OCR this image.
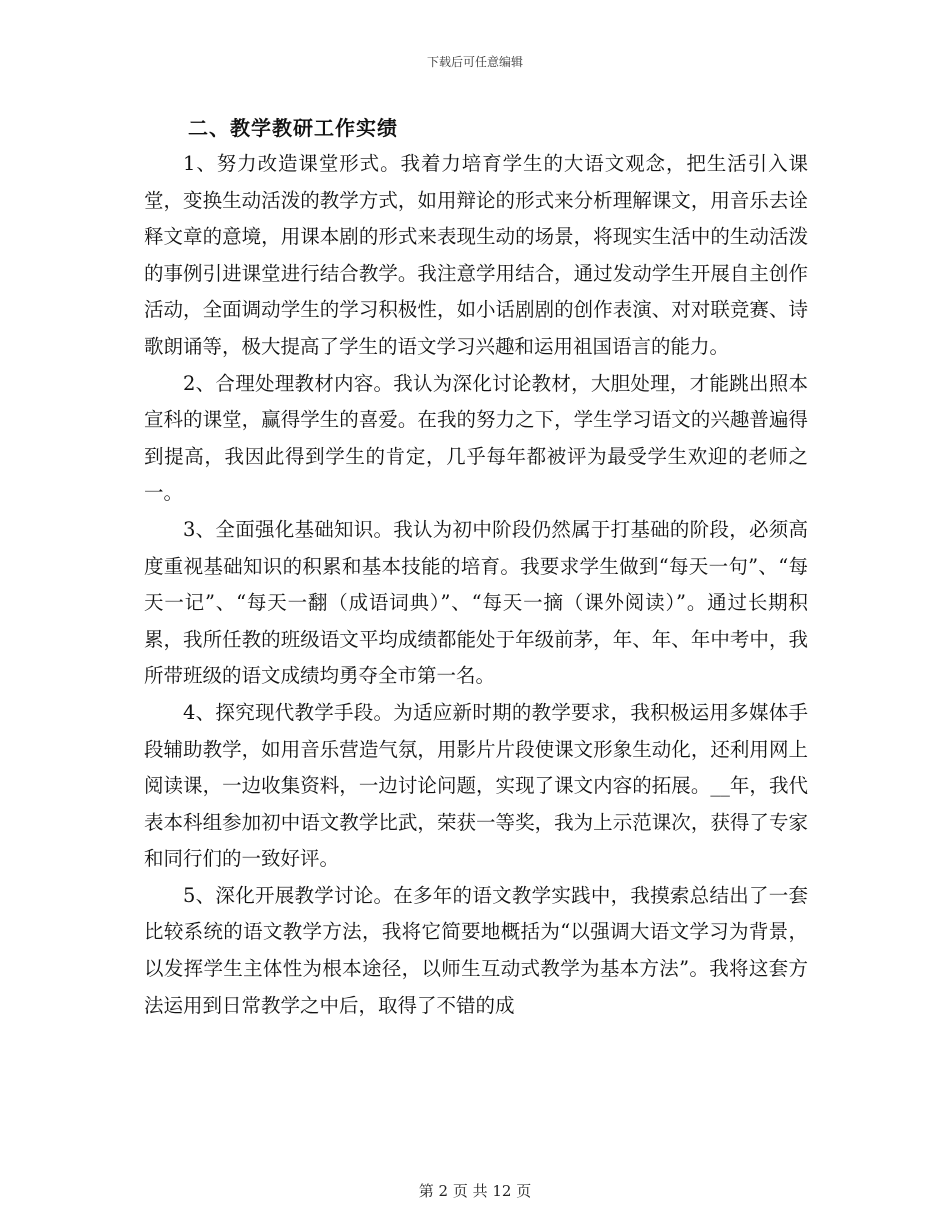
下载后可任意编辑
二、教学教研工作实绩

1、努力改造课堂形式。我着力培育学生的大语文观念，把生活引入课堂，变换生动活泼的教学方式，如用辩论的形式来分析理解课文，用音乐去诠释文章的意境，用课本剧的形式来表现生动的场景，将现实生活中的生动活泼的事例引进课堂进行结合教学。我注意学用结合，通过发动学生开展自主创作活动，全面调动学生的学习积极性，如小话剧剧的创作表演、对对联竞赛、诗歌朗诵等，极大提高了学生的语文学习兴趣和运用祖国语言的能力。

2、合理处理教材内容。我认为深化讨论教材，大胆处理，才能跳出照本宣科的课堂，赢得学生的喜爱。在我的努力之下，学生学习语文的兴趣普遍得到提高，我因此得到学生的肯定，几乎每年都被评为最受学生欢迎的老师之一。

3、全面强化基础知识。我认为初中阶段仍然属于打基础的阶段，必须高度重视基础知识的积累和基本技能的培育。我要求学生做到“每天一句”、“每天一记”、“每天一翻（成语词典）”、“每天一摘（课外阅读）”。通过长期积累，我所任教的班级语文平均成绩都能处于年级前茅，年、年、年中考中，我所带班级的语文成绩均勇夺全市第一名。

4、探究现代教学手段。为适应新时期的教学要求，我积极运用多媒体手段辅助教学，如用音乐营造气氛，用影片片段使课文形象生动化，还利用网上阅读课，一边收集资料，一边讨论问题，实现了课文内容的拓展。__年，我代表本科组参加初中语文教学比武，荣获一等奖，我为上示范课次，获得了专家和同行们的一致好评。

5、深化开展教学讨论。在多年的语文教学实践中，我摸索总结出了一套比较系统的语文教学方法，我将它简要地概括为“以强调大语文学习为背景，以发挥学生主体性为根本途径，以师生互动式教学为基本方法”。我将这套方法运用到日常教学之中后，取得了不错的成

第 2 页 共 12 页
